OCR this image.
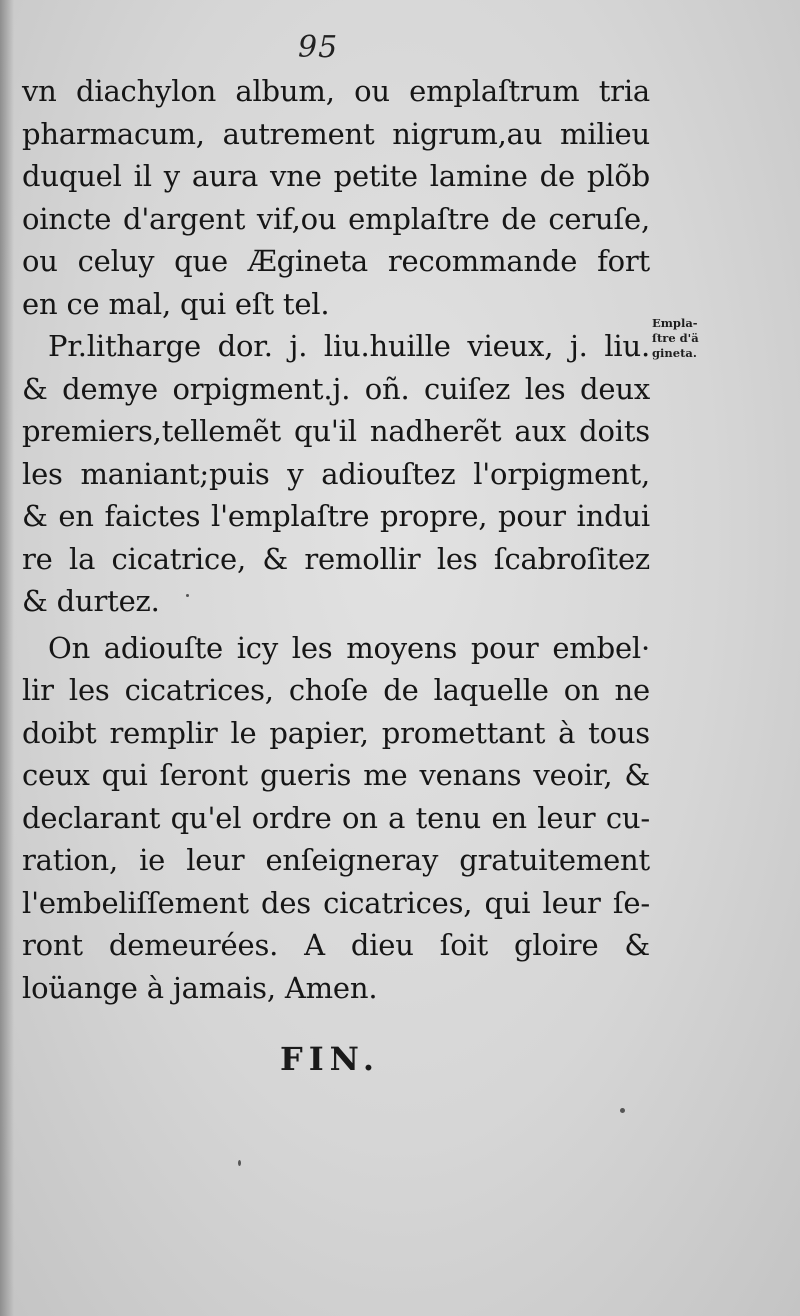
95
vn diachylon album, ou emplaſtrum tria
pharmacum, autrement nigrum,au milieu
duquel il y aura vne petite lamine de plõb
oincte d'argent vif,ou emplaſtre de ceruſe,
ou celuy que Ægineta recommande fort
en ce mal, qui eſt tel.
Pr.litharge dor. j. liu.huille vieux, j. liu.
& demye orpigment.j. oñ. cuiſez les deux
premiers,tellemẽt qu'il nadherẽt aux doits
les maniant;puis y adiouſtez l'orpigment,
& en faictes l'emplaſtre propre, pour indui
re la cicatrice, & remollir les ſcabroſitez
& durtez.
On adiouſte icy les moyens pour embel·
lir les cicatrices, choſe de laquelle on ne
doibt remplir le papier, promettant à tous
ceux qui ſeront gueris me venans veoir, &
declarant qu'el ordre on a tenu en leur cu-
ration, ie leur enſeigneray gratuitement
l'embeliſſement des cicatrices, qui leur ſe-
ront demeurées. A dieu ſoit gloire &
loüange à jamais, Amen.
Empla-
ſtre d'ä
gineta.
FIN.
